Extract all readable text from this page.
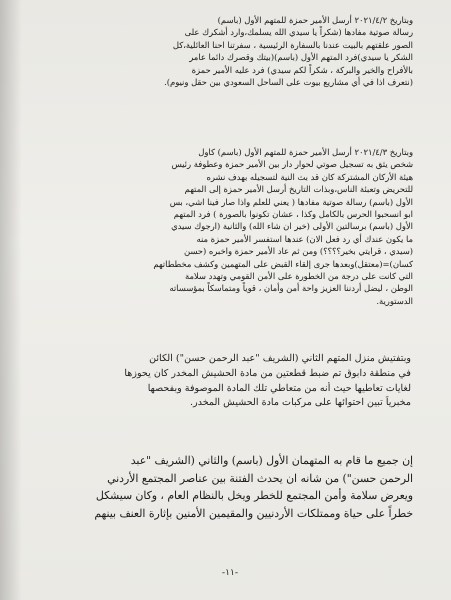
وبتاريخ ٢٠٢١/٤/٢ أرسل الأمير حمزة للمتهم الأول (باسم)
رسالة صوتية مفادها (شكراً يا سيدي الله يسلمك،وارد أشكرك على
الصور علقتهم بالبيت عندنا بالسفارة الرئيسية ، سفرتنا احنا العائلية،كل
الشكر يا سيدي)فرد المتهم الأول (باسم)(بيتك وقصرك دائما عامر
بالأفراح والخير والبركة ، شكراً لكم سيدي) فرد عليه الأمير حمزة
(نتعرف اذا في أي مشاريع بيوت على الساحل السعودي بين حقل ونيوم).
وبتاريخ ٢٠٢١/٤/٣ أرسل الأمير حمزة للمتهم الأول (باسم) كاول
شخص يثق به تسجيل صوتي لحوار دار بين الأمير حمزة وعطوفة رئيس
هيئة الأركان المشتركة كان قد بث النية لتسجيله بهدف نشره
للتحريض وتعبئة الناس،وبذات التاريخ أرسل الأمير حمزة إلى المتهم
الأول (باسم) رسالة صوتية مفادها ( يعني للعلم واذا صار فينا اشي، بس
ابو انسحبوا الحرس بالكامل وكذا ، عشان تكونوا بالصورة ) فرد المتهم
الأول (باسم) برسالتين الأولى (خير ان شاء الله) والثانية (ارجوك سيدي
ما يكون عندك أي رد فعل الان) عندها استفسر الأمير حمزة منه
(سيدي ، قرايتي بخير؟؟؟؟) ومن ثم عاد الأمير حمزة واخبره (حسن
كسان)=(معتقل)وبعدها جرى إلقاء القبض على المتهمين وكشف مخططاتهم
التي كانت على درجة من الخطورة على الأمن القومي وتهدد سلامة
الوطن ، ليضل أردننا العزيز واحة أمن وأمان ، قوياً ومتماسكاً بمؤسساته
الدستورية.
وبتفتيش منزل المتهم الثاني (الشريف "عبد الرحمن حسن") الكائن
في منطقة دابوق تم ضبط قطعتين من مادة الحشيش المخدر كان يحوزها
لغايات تعاطيها حيث أنه من متعاطي تلك المادة الموصوفة وبفحصها
مخبرياً تبين احتوائها على مركبات مادة الحشيش المخدر.
إن جميع ما قام به المتهمان الأول (باسم) والثاني (الشريف "عبد
الرحمن حسن") من شانه ان يحدث الفتنة بين عناصر المجتمع الأردني
ويعرض سلامة وأمن المجتمع للخطر ويخل بالنظام العام ، وكان سيشكل
خطراً على حياة وممتلكات الأردنيين والمقيمين الأمنين بإثارة العنف بينهم
-١١-
